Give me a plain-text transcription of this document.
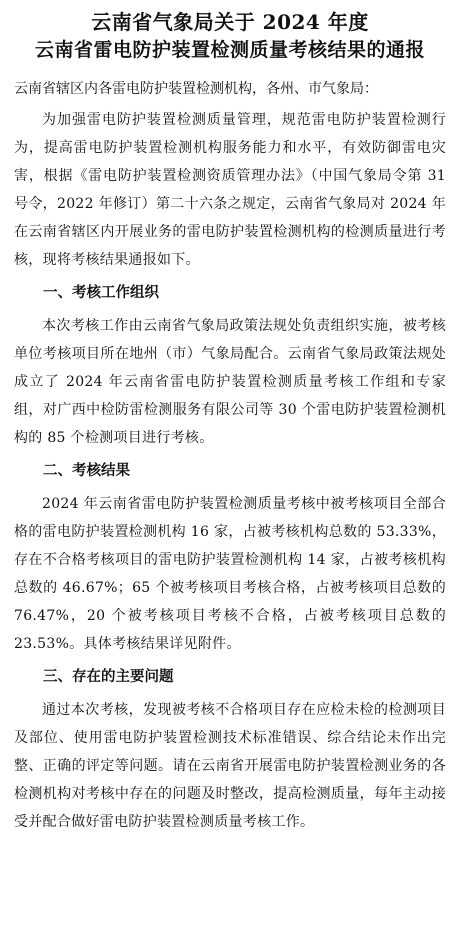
云南省气象局关于 2024 年度
云南省雷电防护装置检测质量考核结果的通报

云南省辖区内各雷电防护装置检测机构，各州、市气象局：

为加强雷电防护装置检测质量管理，规范雷电防护装置检测行为，提高雷电防护装置检测机构服务能力和水平，有效防御雷电灾害，根据《雷电防护装置检测资质管理办法》（中国气象局令第 31 号令，2022 年修订）第二十六条之规定，云南省气象局对 2024 年在云南省辖区内开展业务的雷电防护装置检测机构的检测质量进行考核，现将考核结果通报如下。

一、考核工作组织

本次考核工作由云南省气象局政策法规处负责组织实施，被考核单位考核项目所在地州（市）气象局配合。云南省气象局政策法规处成立了 2024 年云南省雷电防护装置检测质量考核工作组和专家组，对广西中检防雷检测服务有限公司等 30 个雷电防护装置检测机构的 85 个检测项目进行考核。

二、考核结果

2024 年云南省雷电防护装置检测质量考核中被考核项目全部合格的雷电防护装置检测机构 16 家，占被考核机构总数的 53.33%，存在不合格考核项目的雷电防护装置检测机构 14 家，占被考核机构总数的 46.67%；65 个被考核项目考核合格，占被考核项目总数的 76.47%，20 个被考核项目考核不合格，占被考核项目总数的 23.53%。具体考核结果详见附件。

三、存在的主要问题

通过本次考核，发现被考核不合格项目存在应检未检的检测项目及部位、使用雷电防护装置检测技术标准错误、综合结论未作出完整、正确的评定等问题。请在云南省开展雷电防护装置检测业务的各检测机构对考核中存在的问题及时整改，提高检测质量，每年主动接受并配合做好雷电防护装置检测质量考核工作。
